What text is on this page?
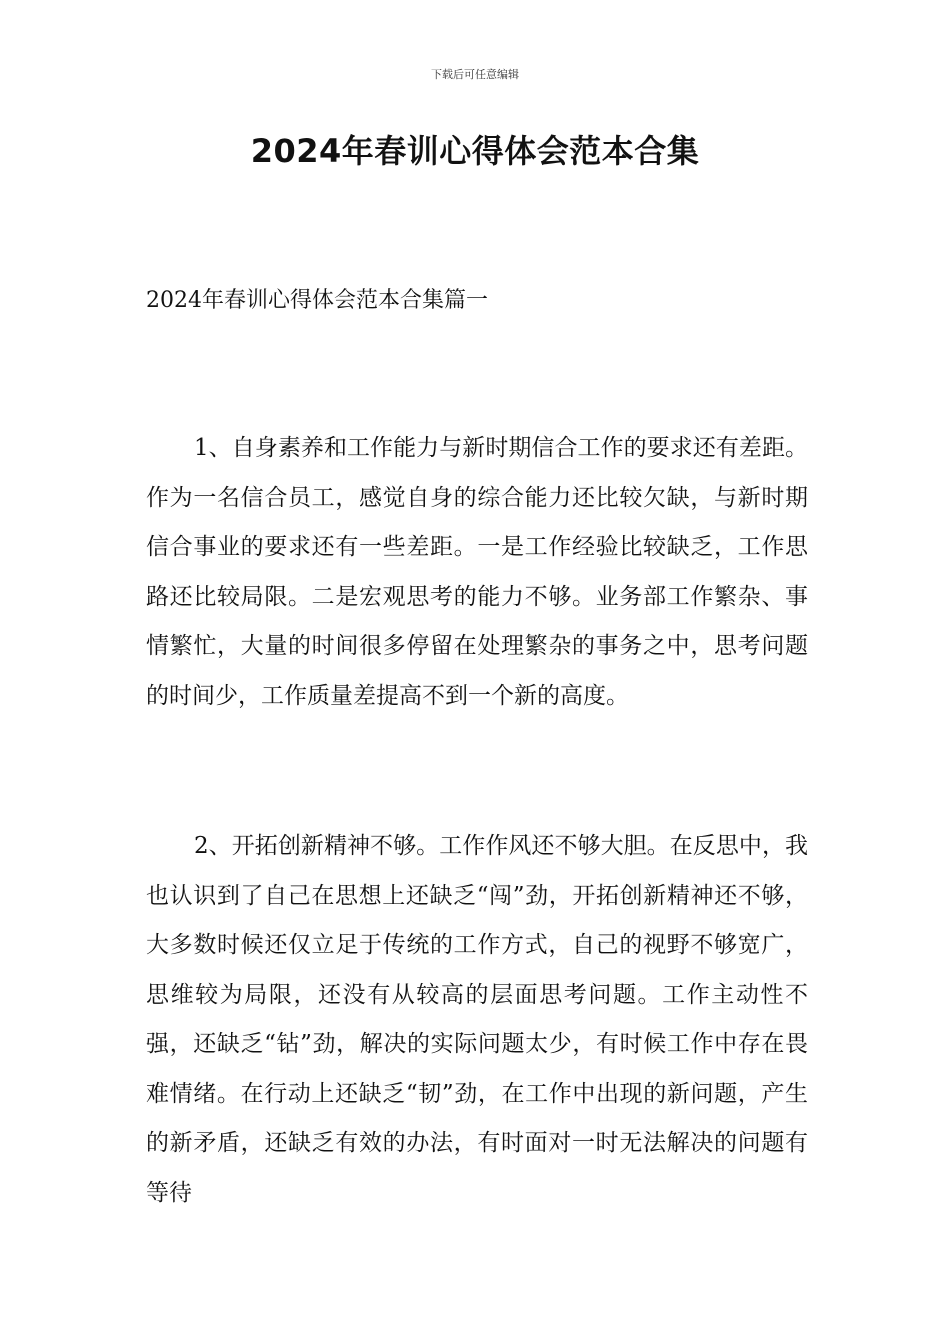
下载后可任意编辑
2024年春训心得体会范本合集
2024年春训心得体会范本合集篇一

1、自身素养和工作能力与新时期信合工作的要求还有差距。作为一名信合员工，感觉自身的综合能力还比较欠缺，与新时期信合事业的要求还有一些差距。一是工作经验比较缺乏，工作思路还比较局限。二是宏观思考的能力不够。业务部工作繁杂、事情繁忙，大量的时间很多停留在处理繁杂的事务之中，思考问题的时间少，工作质量差提高不到一个新的高度。

2、开拓创新精神不够。工作作风还不够大胆。在反思中，我也认识到了自己在思想上还缺乏“闯”劲，开拓创新精神还不够，大多数时候还仅立足于传统的工作方式，自己的视野不够宽广，思维较为局限，还没有从较高的层面思考问题。工作主动性不强，还缺乏“钻”劲，解决的实际问题太少，有时候工作中存在畏难情绪。在行动上还缺乏“韧”劲，在工作中出现的新问题，产生的新矛盾，还缺乏有效的办法，有时面对一时无法解决的问题有等待
